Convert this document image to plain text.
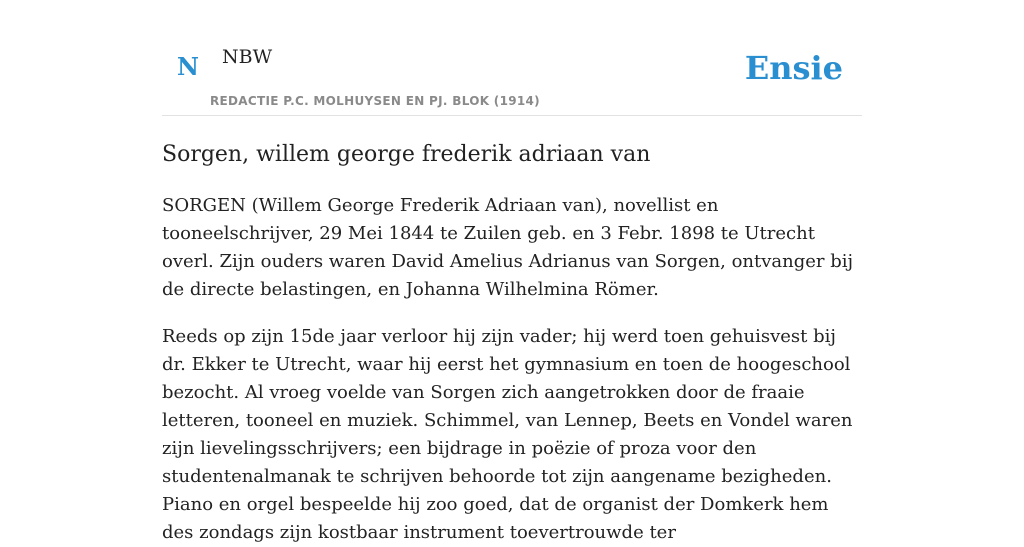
N NBW
REDACTIE P.C. MOLHUYSEN EN PJ. BLOK (1914)
Ensie
Sorgen, willem george frederik adriaan van

SORGEN (Willem George Frederik Adriaan van), novellist en tooneelschrijver, 29 Mei 1844 te Zuilen geb. en 3 Febr. 1898 te Utrecht overl. Zijn ouders waren David Amelius Adrianus van Sorgen, ontvanger bij de directe belastingen, en Johanna Wilhelmina Römer.

Reeds op zijn 15de jaar verloor hij zijn vader; hij werd toen gehuisvest bij dr. Ekker te Utrecht, waar hij eerst het gymnasium en toen de hoogeschool bezocht. Al vroeg voelde van Sorgen zich aangetrokken door de fraaie letteren, tooneel en muziek. Schimmel, van Lennep, Beets en Vondel waren zijn lievelingsschrijvers; een bijdrage in poëzie of proza voor den studentenalmanak te schrijven behoorde tot zijn aangename bezigheden. Piano en orgel bespeelde hij zoo goed, dat de organist der Domkerk hem des zondags zijn kostbaar instrument toevertrouwde ter
